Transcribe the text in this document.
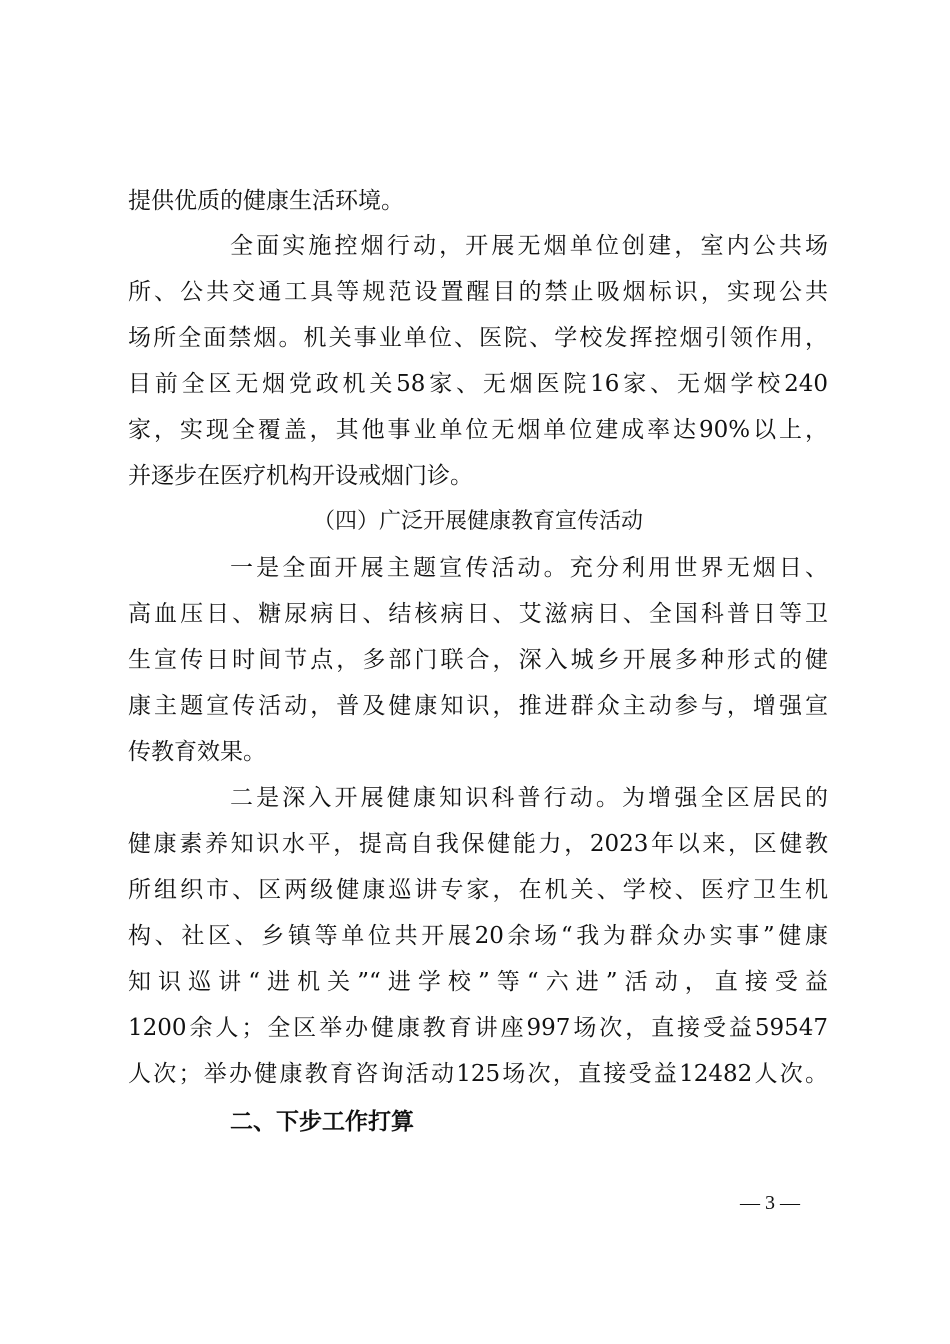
提供优质的健康生活环境。
全面实施控烟行动，开展无烟单位创建，室内公共场
所、公共交通工具等规范设置醒目的禁止吸烟标识，实现公共
场所全面禁烟。机关事业单位、医院、学校发挥控烟引领作用，
目前全区无烟党政机关58家、无烟医院16家、无烟学校240
家，实现全覆盖，其他事业单位无烟单位建成率达90%以上，
并逐步在医疗机构开设戒烟门诊。
（四）广泛开展健康教育宣传活动
一是全面开展主题宣传活动。充分利用世界无烟日、
高血压日、糖尿病日、结核病日、艾滋病日、全国科普日等卫
生宣传日时间节点，多部门联合，深入城乡开展多种形式的健
康主题宣传活动，普及健康知识，推进群众主动参与，增强宣
传教育效果。
二是深入开展健康知识科普行动。为增强全区居民的
健康素养知识水平，提高自我保健能力，2023年以来，区健教
所组织市、区两级健康巡讲专家，在机关、学校、医疗卫生机
构、社区、乡镇等单位共开展20余场“我为群众办实事”健康
知识巡讲“进机关”“进学校”等“六进”活动，直接受益
1200余人；全区举办健康教育讲座997场次，直接受益59547
人次；举办健康教育咨询活动125场次，直接受益12482人次。
二、下步工作打算
— 3 —
